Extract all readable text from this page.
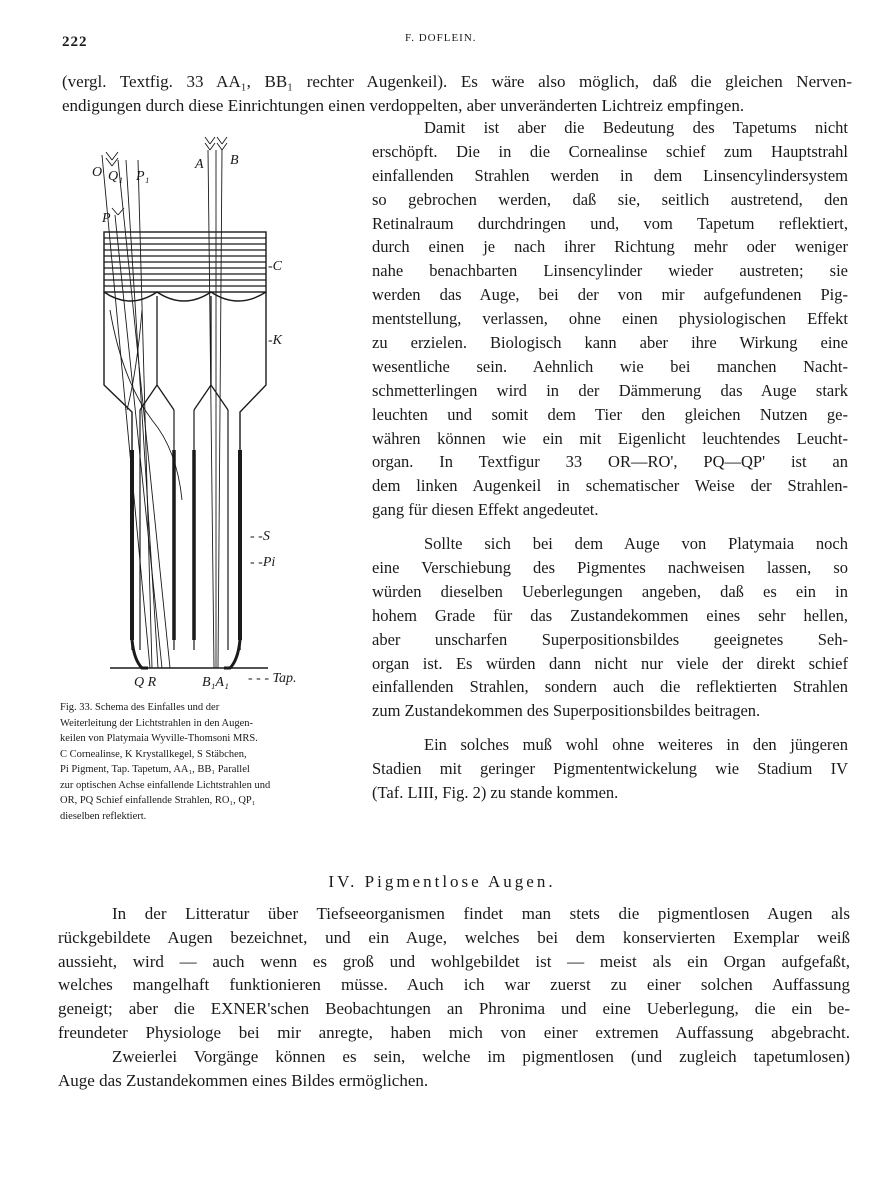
222	F. DOFLEIN.
(vergl. Textfig. 33 AA₁, BB₁ rechter Augenkeil). Es wäre also möglich, daß die gleichen Nerven-
endigungen durch diese Einrichtungen einen verdoppelten, aber unveränderten Lichtreiz empfingen.
O Q₁ P₁
P
A B
-C
-K
- -S
- -Pi
Q R	B₁A₁ - - - Tap.
Fig. 33. Schema des Einfalles und der
Weiterleitung der Lichtstrahlen in den Augen-
keilen von Platymaia Wyville-Thomsoni MRS.
C Cornealinse, K Krystallkegel, S Stäbchen,
Pi Pigment, Tap. Tapetum, AA₁, BB₁ Parallel
zur optischen Achse einfallende Lichtstrahlen und
OR, PQ Schief einfallende Strahlen, RO₁, QP₁
dieselben reflektiert.
Damit ist aber die Bedeutung des Tapetums nicht
erschöpft. Die in die Cornealinse schief zum Hauptstrahl
einfallenden Strahlen werden in dem Linsencylindersystem
so gebrochen werden, daß sie, seitlich austretend, den
Retinalraum durchdringen und, vom Tapetum reflektiert,
durch einen je nach ihrer Richtung mehr oder weniger
nahe benachbarten Linsencylinder wieder austreten; sie
werden das Auge, bei der von mir aufgefundenen Pig-
mentstellung, verlassen, ohne einen physiologischen Effekt
zu erzielen. Biologisch kann aber ihre Wirkung eine
wesentliche sein. Aehnlich wie bei manchen Nacht-
schmetterlingen wird in der Dämmerung das Auge stark
leuchten und somit dem Tier den gleichen Nutzen ge-
währen können wie ein mit Eigenlicht leuchtendes Leucht-
organ. In Textfigur 33 OR—RO', PQ—QP' ist an
dem linken Augenkeil in schematischer Weise der Strahlen-
gang für diesen Effekt angedeutet.
Sollte sich bei dem Auge von Platymaia noch
eine Verschiebung des Pigmentes nachweisen lassen, so
würden dieselben Ueberlegungen angeben, daß es ein in
hohem Grade für das Zustandekommen eines sehr hellen,
aber unscharfen Superpositionsbildes geeignetes Seh-
organ ist. Es würden dann nicht nur viele der direkt schief
einfallenden Strahlen, sondern auch die reflektierten Strahlen
zum Zustandekommen des Superpositionsbildes beitragen.
Ein solches muß wohl ohne weiteres in den jüngeren
Stadien mit geringer Pigmententwickelung wie Stadium IV
(Taf. LIII, Fig. 2) zu stande kommen.
IV. Pigmentlose Augen.
In der Litteratur über Tiefseeorganismen findet man stets die pigmentlosen Augen als
rückgebildete Augen bezeichnet, und ein Auge, welches bei dem konservierten Exemplar weiß
aussieht, wird — auch wenn es groß und wohlgebildet ist — meist als ein Organ aufgefaßt,
welches mangelhaft funktionieren müsse. Auch ich war zuerst zu einer solchen Auffassung
geneigt; aber die EXNER'schen Beobachtungen an Phronima und eine Ueberlegung, die ein be-
freundeter Physiologe bei mir anregte, haben mich von einer extremen Auffassung abgebracht.
Zweierlei Vorgänge können es sein, welche im pigmentlosen (und zugleich tapetumlosen)
Auge das Zustandekommen eines Bildes ermöglichen.
